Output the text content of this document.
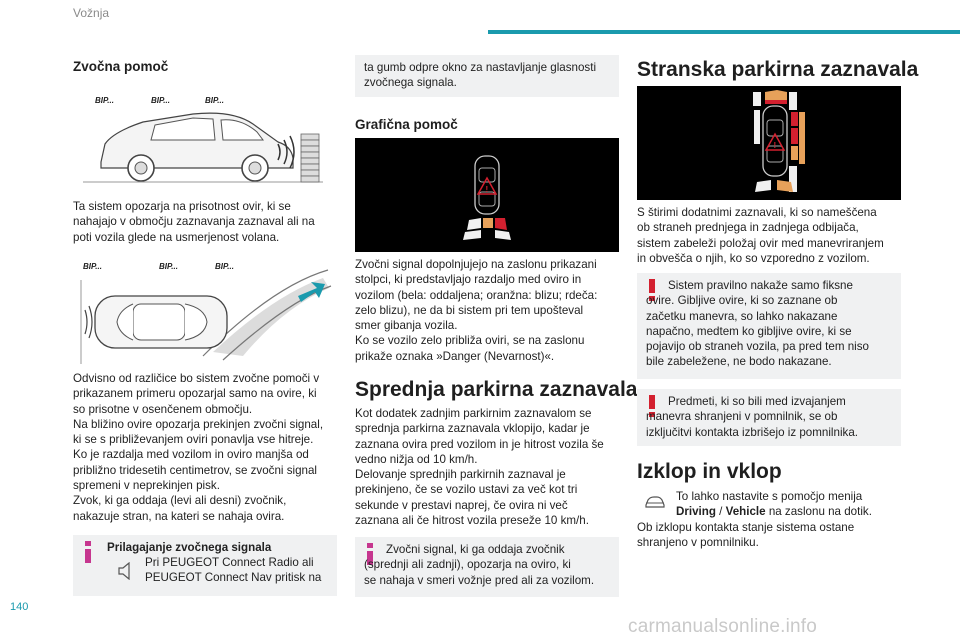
Vožnja
Zvočna pomoč
BIP...	BIP...	BIP...
Ta sistem opozarja na prisotnost ovir, ki se
nahajajo v območju zaznavanja zaznaval ali na
poti vozila glede na usmerjenost volana.
BIP...	BIP...	BIP...
Odvisno od različice bo sistem zvočne pomoči v
prikazanem primeru opozarjal samo na ovire, ki
so prisotne v osenčenem območju.
Na bližino ovire opozarja prekinjen zvočni signal,
ki se s približevanjem oviri ponavlja vse hitreje.
Ko je razdalja med vozilom in oviro manjša od
približno tridesetih centimetrov, se zvočni signal
spremeni v neprekinjen pisk.
Zvok, ki ga oddaja (levi ali desni) zvočnik,
nakazuje stran, na kateri se nahaja ovira.
Prilagajanje zvočnega signala
Pri PEUGEOT Connect Radio ali
PEUGEOT Connect Nav pritisk na
ta gumb odpre okno za nastavljanje glasnosti
zvočnega signala.
Grafična pomoč
!
Zvočni signal dopolnjujejo na zaslonu prikazani
stolpci, ki predstavljajo razdaljo med oviro in
vozilom (bela: oddaljena; oranžna: blizu; rdeča:
zelo blizu), ne da bi sistem pri tem upošteval
smer gibanja vozila.
Ko se vozilo zelo približa oviri, se na zaslonu
prikaže oznaka »Danger (Nevarnost)«.
Sprednja parkirna zaznavala
Kot dodatek zadnjim parkirnim zaznavalom se
sprednja parkirna zaznavala vklopijo, kadar je
zaznana ovira pred vozilom in je hitrost vozila še
vedno nižja od 10 km/h.
Delovanje sprednjih parkirnih zaznaval je
prekinjeno, če se vozilo ustavi za več kot tri
sekunde v prestavi naprej, če ovira ni več
zaznana ali če hitrost vozila preseže 10 km/h.
Zvočni signal, ki ga oddaja zvočnik
(sprednji ali zadnji), opozarja na oviro, ki
se nahaja v smeri vožnje pred ali za vozilom.
Stranska parkirna zaznavala
!
S štirimi dodatnimi zaznavali, ki so nameščena
ob straneh prednjega in zadnjega odbijača,
sistem zabeleži položaj ovir med manevriranjem
in obvešča o njih, ko so vzporedno z vozilom.
Sistem pravilno nakaže samo fiksne
ovire. Gibljive ovire, ki so zaznane ob
začetku manevra, so lahko nakazane
napačno, medtem ko gibljive ovire, ki se
pojavijo ob straneh vozila, pa pred tem niso
bile zabeležene, ne bodo nakazane.
Predmeti, ki so bili med izvajanjem
manevra shranjeni v pomnilnik, se ob
izključitvi kontakta izbrišejo iz pomnilnika.
Izklop in vklop
To lahko nastavite s pomočjo menija
Driving / Vehicle na zaslonu na dotik.
Ob izklopu kontakta stanje sistema ostane
shranjeno v pomnilniku.
140
carmanualsonline.info
